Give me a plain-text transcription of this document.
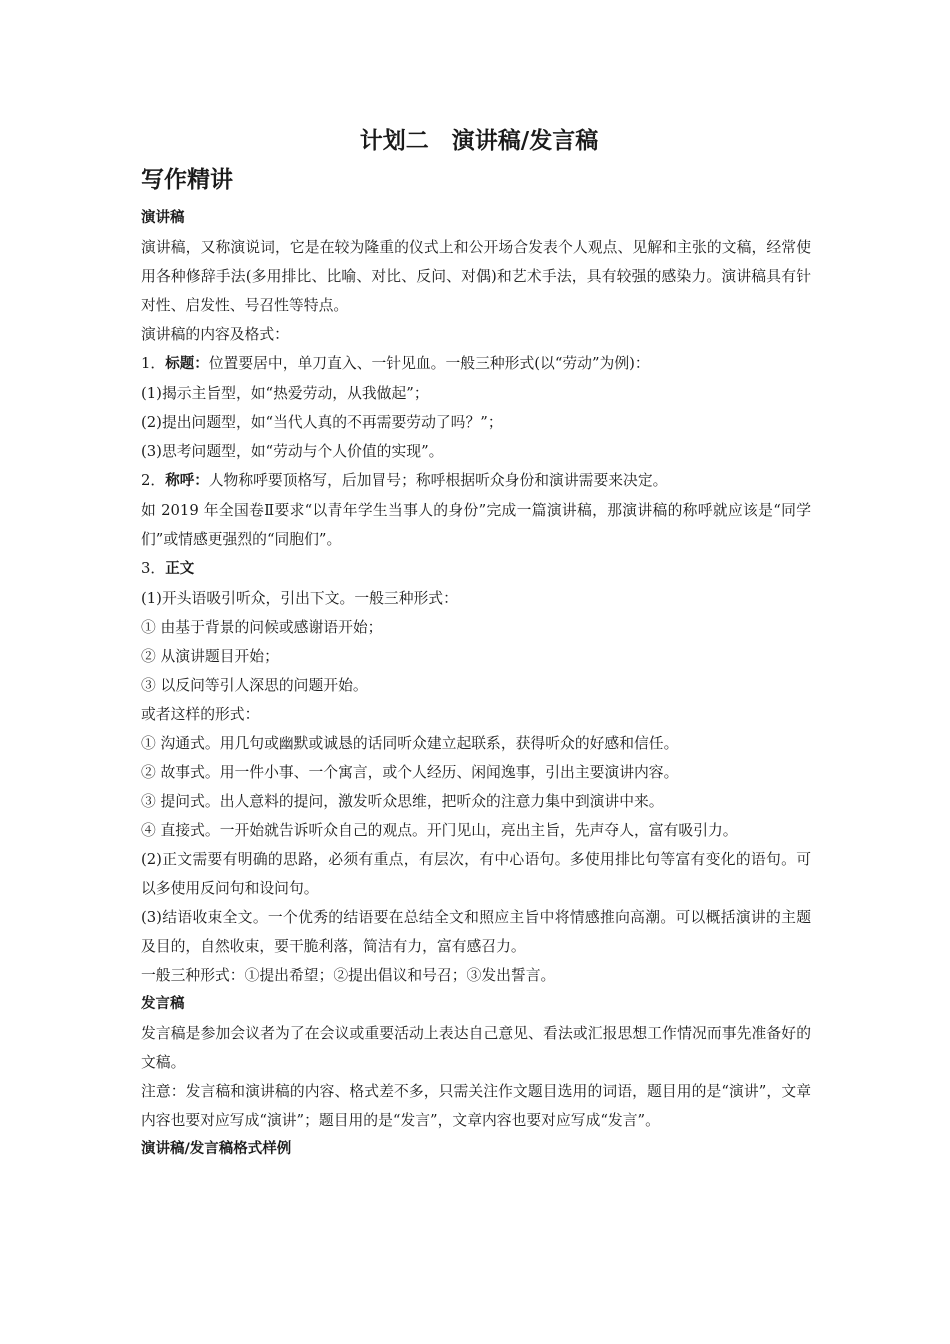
计划二　演讲稿/发言稿
写作精讲

演讲稿

演讲稿，又称演说词，它是在较为隆重的仪式上和公开场合发表个人观点、见解和主张的文稿，经常使用各种修辞手法(多用排比、比喻、对比、反问、对偶)和艺术手法，具有较强的感染力。演讲稿具有针对性、启发性、号召性等特点。

演讲稿的内容及格式：

1．标题：位置要居中，单刀直入、一针见血。一般三种形式(以“劳动”为例)：

(1)揭示主旨型，如“热爱劳动，从我做起”；

(2)提出问题型，如“当代人真的不再需要劳动了吗？”；

(3)思考问题型，如“劳动与个人价值的实现”。

2．称呼：人物称呼要顶格写，后加冒号；称呼根据听众身份和演讲需要来决定。

如 2019 年全国卷Ⅱ要求“以青年学生当事人的身份”完成一篇演讲稿，那演讲稿的称呼就应该是“同学们”或情感更强烈的“同胞们”。

3．正文

(1)开头语吸引听众，引出下文。一般三种形式：

① 由基于背景的问候或感谢语开始；

② 从演讲题目开始；

③ 以反问等引人深思的问题开始。

或者这样的形式：

① 沟通式。用几句或幽默或诚恳的话同听众建立起联系，获得听众的好感和信任。

② 故事式。用一件小事、一个寓言，或个人经历、闲闻逸事，引出主要演讲内容。

③ 提问式。出人意料的提问，激发听众思维，把听众的注意力集中到演讲中来。

④ 直接式。一开始就告诉听众自己的观点。开门见山，亮出主旨，先声夺人，富有吸引力。

(2)正文需要有明确的思路，必须有重点，有层次，有中心语句。多使用排比句等富有变化的语句。可以多使用反问句和设问句。

(3)结语收束全文。一个优秀的结语要在总结全文和照应主旨中将情感推向高潮。可以概括演讲的主题及目的，自然收束，要干脆利落，简洁有力，富有感召力。

一般三种形式：①提出希望；②提出倡议和号召；③发出誓言。

发言稿

发言稿是参加会议者为了在会议或重要活动上表达自己意见、看法或汇报思想工作情况而事先准备好的文稿。

注意：发言稿和演讲稿的内容、格式差不多，只需关注作文题目选用的词语，题目用的是“演讲”，文章内容也要对应写成“演讲”；题目用的是“发言”，文章内容也要对应写成“发言”。

演讲稿/发言稿格式样例
